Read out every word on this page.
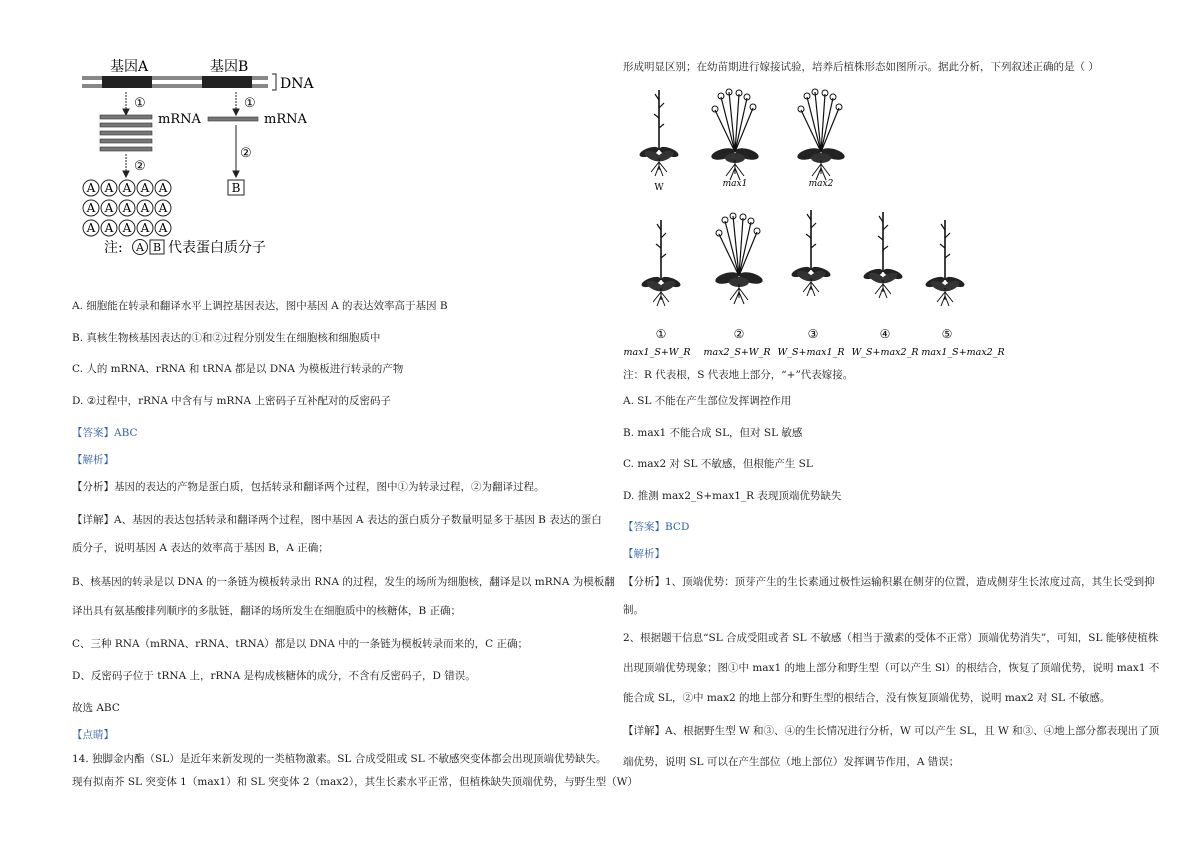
基因A	基因B
DNA
①	①
mRNA	mRNA
②
②
A A A A A
A A A A A
A A A A A
B
注: A B 代表蛋白质分子
A. 细胞能在转录和翻译水平上调控基因表达，图中基因 A 的表达效率高于基因 B
B. 真核生物核基因表达的①和②过程分别发生在细胞核和细胞质中
C. 人的 mRNA、rRNA 和 tRNA 都是以 DNA 为模板进行转录的产物
D. ②过程中，rRNA 中含有与 mRNA 上密码子互补配对的反密码子
【答案】ABC
【解析】
【分析】基因的表达的产物是蛋白质，包括转录和翻译两个过程，图中①为转录过程，②为翻译过程。
【详解】A、基因的表达包括转录和翻译两个过程，图中基因 A 表达的蛋白质分子数量明显多于基因 B 表达的蛋白
质分子，说明基因 A 表达的效率高于基因 B，A 正确；
B、核基因的转录是以 DNA 的一条链为模板转录出 RNA 的过程，发生的场所为细胞核，翻译是以 mRNA 为模板翻
译出具有氨基酸排列顺序的多肽链，翻译的场所发生在细胞质中的核糖体，B 正确；
C、三种 RNA（mRNA、rRNA、tRNA）都是以 DNA 中的一条链为模板转录而来的，C 正确；
D、反密码子位于 tRNA 上，rRNA 是构成核糖体的成分，不含有反密码子，D 错误。
故选 ABC
【点睛】
14. 独脚金内酯（SL）是近年来新发现的一类植物激素。SL 合成受阻或 SL 不敏感突变体都会出现顶端优势缺失。
现有拟南芥 SL 突变体 1（max1）和 SL 突变体 2（max2），其生长素水平正常，但植株缺失顶端优势，与野生型（W）
形成明显区别；在幼苗期进行嫁接试验，培养后植株形态如图所示。据此分析，下列叙述正确的是（ ）
W	max1	max2
①	②	③	④	⑤
max1_S+W_R max2_S+W_R W_S+max1_R W_S+max2_R max1_S+max2_R
注：R 代表根，S 代表地上部分，“+”代表嫁接。
A. SL 不能在产生部位发挥调控作用
B. max1 不能合成 SL，但对 SL 敏感
C. max2 对 SL 不敏感，但根能产生 SL
D. 推测 max2_S+max1_R 表现顶端优势缺失
【答案】BCD
【解析】
【分析】1、顶端优势：顶芽产生的生长素通过极性运输积累在侧芽的位置，造成侧芽生长浓度过高，其生长受到抑
制。
2、根据题干信息“SL 合成受阻或者 SL 不敏感（相当于激素的受体不正常）顶端优势消失”，可知，SL 能够使植株
出现顶端优势现象；图①中 max1 的地上部分和野生型（可以产生 Sl）的根结合，恢复了顶端优势，说明 max1 不
能合成 SL，②中 max2 的地上部分和野生型的根结合，没有恢复顶端优势，说明 max2 对 SL 不敏感。
【详解】A、根据野生型 W 和③、④的生长情况进行分析，W 可以产生 SL，且 W 和③、④地上部分都表现出了顶
端优势，说明 SL 可以在产生部位（地上部位）发挥调节作用，A 错误；
